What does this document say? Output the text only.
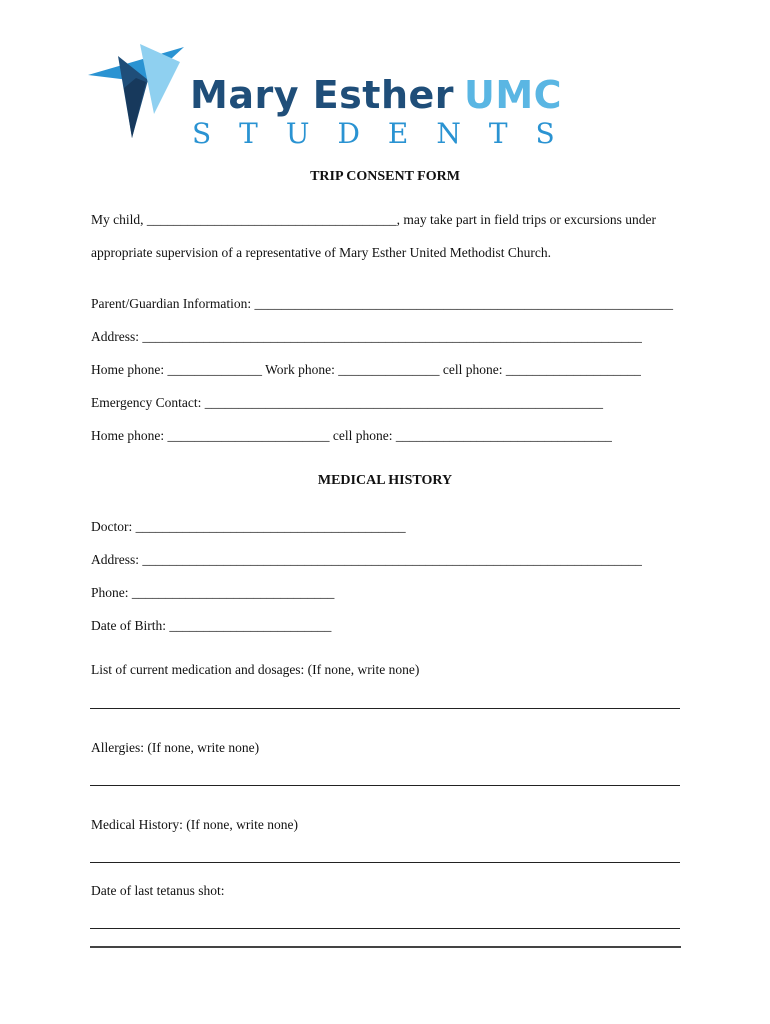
Mary Esther UMC
STUDENTS
TRIP CONSENT FORM
My child, _____________________________________, may take part in field trips or excursions under
appropriate supervision of a representative of Mary Esther United Methodist Church.
Parent/Guardian Information: ______________________________________________________________
Address: __________________________________________________________________________
Home phone: ______________ Work phone: _______________ cell phone: ____________________
Emergency Contact: ___________________________________________________________
Home phone: ________________________ cell phone: ________________________________
MEDICAL HISTORY
Doctor: ________________________________________
Address: __________________________________________________________________________
Phone: ______________________________
Date of Birth: ________________________
List of current medication and dosages: (If none, write none)
Allergies: (If none, write none)
Medical History: (If none, write none)
Date of last tetanus shot:
